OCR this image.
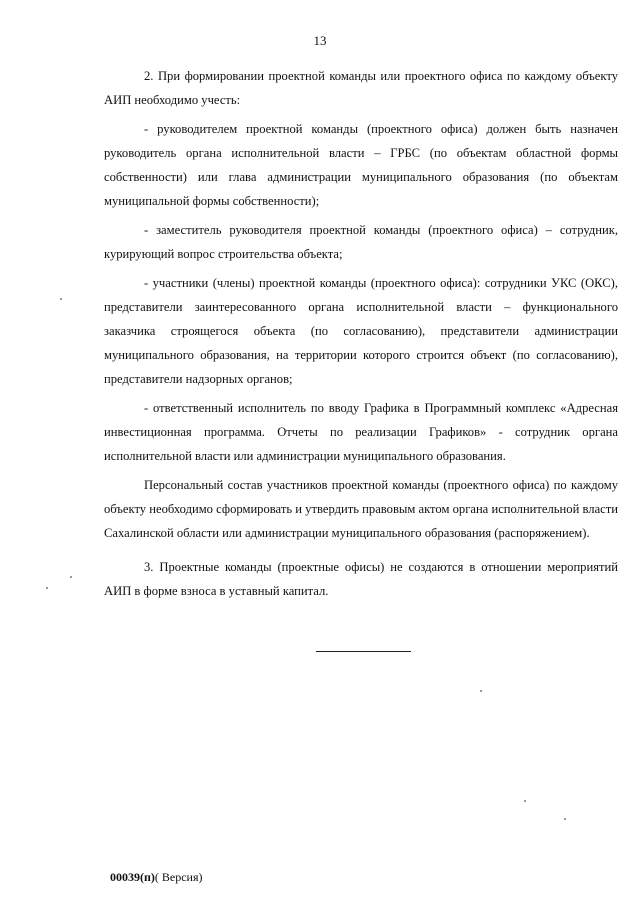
13

2. При формировании проектной команды или проектного офиса по каждому объекту АИП необходимо учесть:

- руководителем проектной команды (проектного офиса) должен быть назначен руководитель органа исполнительной власти – ГРБС (по объектам областной формы собственности) или глава администрации муниципального образования (по объектам муниципальной формы собственности);

- заместитель руководителя проектной команды (проектного офиса) – сотрудник, курирующий вопрос строительства объекта;

- участники (члены) проектной команды (проектного офиса): сотрудники УКС (ОКС), представители заинтересованного органа исполнительной власти – функционального заказчика строящегося объекта (по согласованию), представители администрации муниципального образования, на территории которого строится объект (по согласованию), представители надзорных органов;

- ответственный исполнитель по вводу Графика в Программный комплекс «Адресная инвестиционная программа. Отчеты по реализации Графиков» - сотрудник органа исполнительной власти или администрации муниципального образования.

Персональный состав участников проектной команды (проектного офиса) по каждому объекту необходимо сформировать и утвердить правовым актом органа исполнительной власти Сахалинской области или администрации муниципального образования (распоряжением).

3. Проектные команды (проектные офисы) не создаются в отношении мероприятий АИП в форме взноса в уставный капитал.

00039(п)( Версия)
